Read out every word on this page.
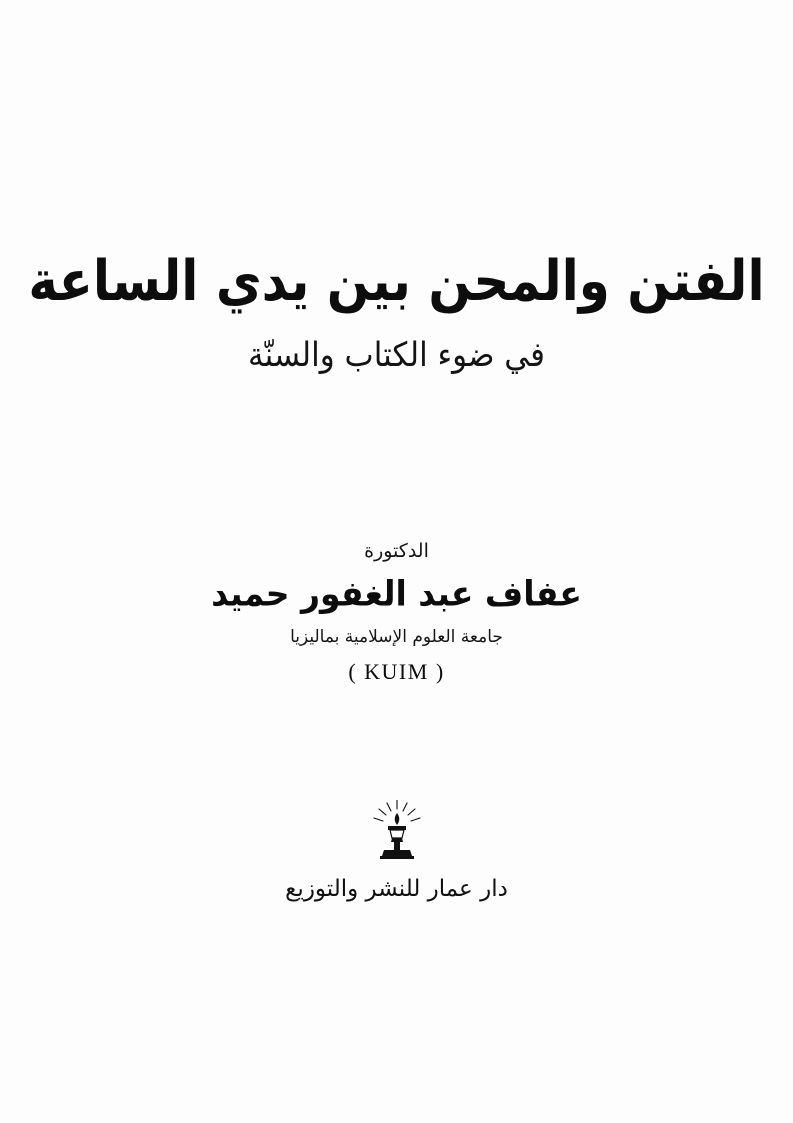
الفتن والمحن بين يدي الساعة
في ضوء الكتاب والسنّة
الدكتورة
عفاف عبد الغفور حميد
جامعة العلوم الإسلامية بماليزيا
( KUIM )
دار عمار للنشر والتوزيع
